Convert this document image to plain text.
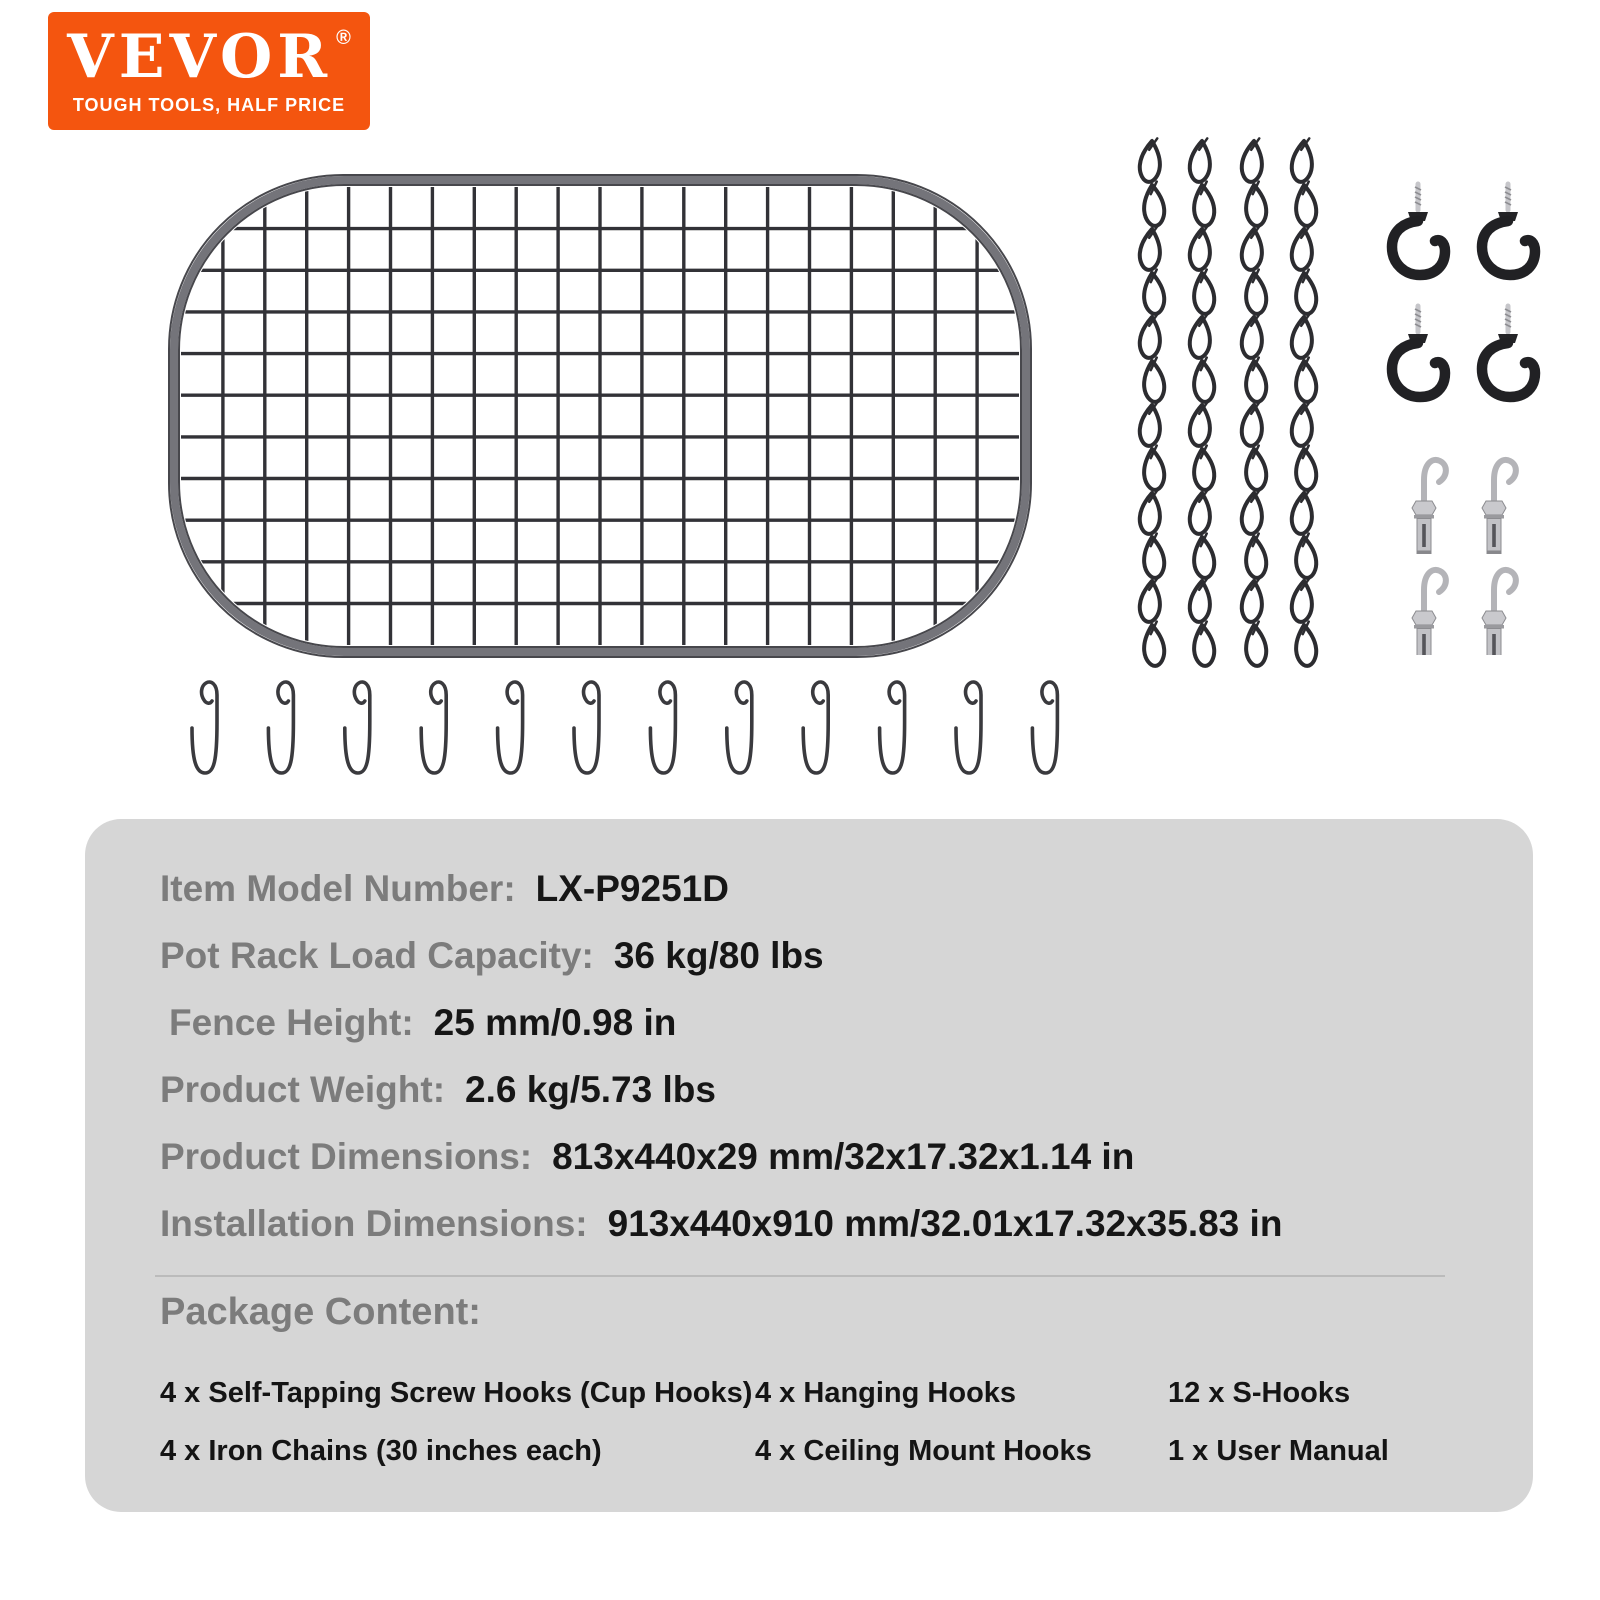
VEVOR ®
TOUGH TOOLS, HALF PRICE
Item Model Number: LX-P9251D
Pot Rack Load Capacity: 36 kg/80 lbs
Fence Height: 25 mm/0.98 in
Product Weight: 2.6 kg/5.73 lbs
Product Dimensions: 813x440x29 mm/32x17.32x1.14 in
Installation Dimensions: 913x440x910 mm/32.01x17.32x35.83 in
Package Content:
4 x Self-Tapping Screw Hooks (Cup Hooks) 4 x Hanging Hooks	12 x S-Hooks
4 x Iron Chains (30 inches each)	4 x Ceiling Mount Hooks	1 x User Manual
